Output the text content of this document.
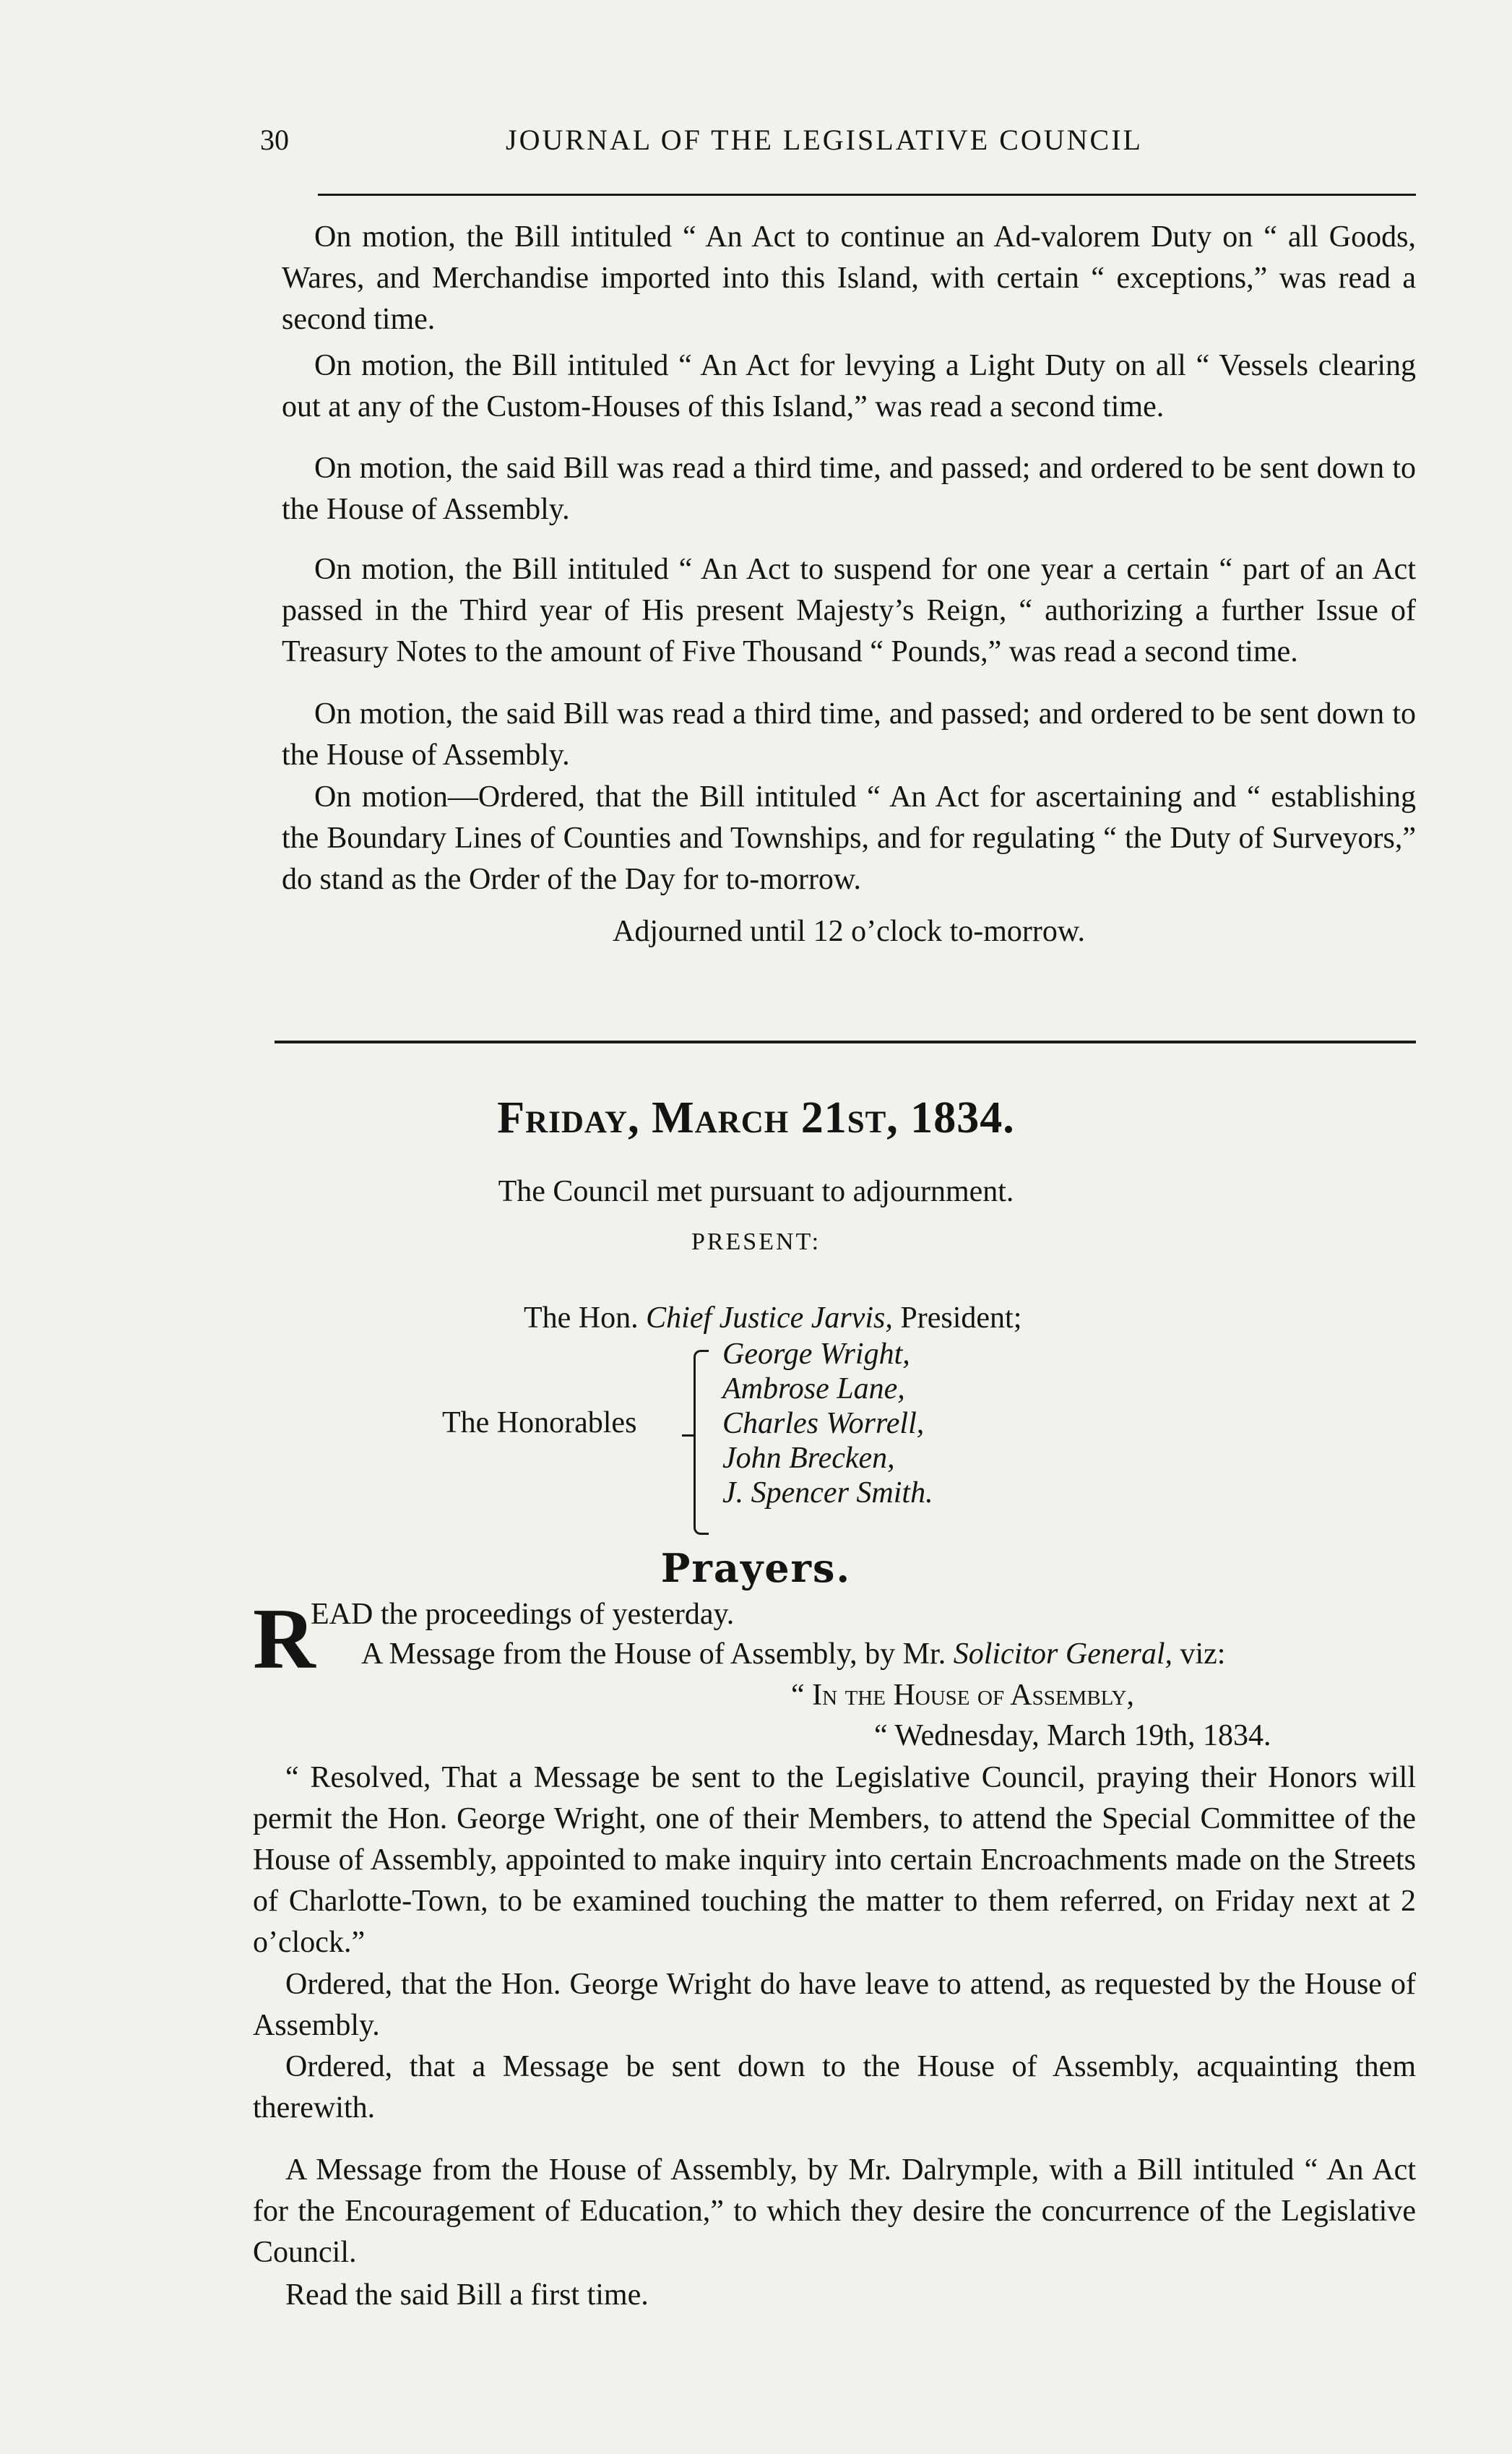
30	JOURNAL OF THE LEGISLATIVE COUNCIL

On motion, the Bill intituled “ An Act to continue an Ad-valorem Duty on “ all Goods, Wares, and Merchandise imported into this Island, with certain “ exceptions,” was read a second time.

On motion, the Bill intituled “ An Act for levying a Light Duty on all “ Vessels clearing out at any of the Custom-Houses of this Island,” was read a second time.

On motion, the said Bill was read a third time, and passed; and ordered to be sent down to the House of Assembly.

On motion, the Bill intituled “ An Act to suspend for one year a certain “ part of an Act passed in the Third year of His present Majesty’s Reign, “ authorizing a further Issue of Treasury Notes to the amount of Five Thousand “ Pounds,” was read a second time.

On motion, the said Bill was read a third time, and passed; and ordered to be sent down to the House of Assembly.

On motion—Ordered, that the Bill intituled “ An Act for ascertaining and “ establishing the Boundary Lines of Counties and Townships, and for regulating “ the Duty of Surveyors,” do stand as the Order of the Day for to-morrow.

Adjourned until 12 o’clock to-morrow.

Friday, March 21st, 1834.

The Council met pursuant to adjournment.

PRESENT:

The Hon. Chief Justice Jarvis, President;
The Honorables
George Wright,
Ambrose Lane,
Charles Worrell,
John Brecken,
J. Spencer Smith.
Prayers.
R
EAD the proceedings of yesterday.
A Message from the House of Assembly, by Mr. Solicitor General, viz:
“ In the House of Assembly,
“ Wednesday, March 19th, 1834.

“ Resolved, That a Message be sent to the Legislative Council, praying their Honors will permit the Hon. George Wright, one of their Members, to attend the Special Committee of the House of Assembly, appointed to make inquiry into certain Encroachments made on the Streets of Charlotte-Town, to be examined touching the matter to them referred, on Friday next at 2 o’clock.”

Ordered, that the Hon. George Wright do have leave to attend, as requested by the House of Assembly.

Ordered, that a Message be sent down to the House of Assembly, acquainting them therewith.

A Message from the House of Assembly, by Mr. Dalrymple, with a Bill intituled “ An Act for the Encouragement of Education,” to which they desire the concurrence of the Legislative Council.

Read the said Bill a first time.
